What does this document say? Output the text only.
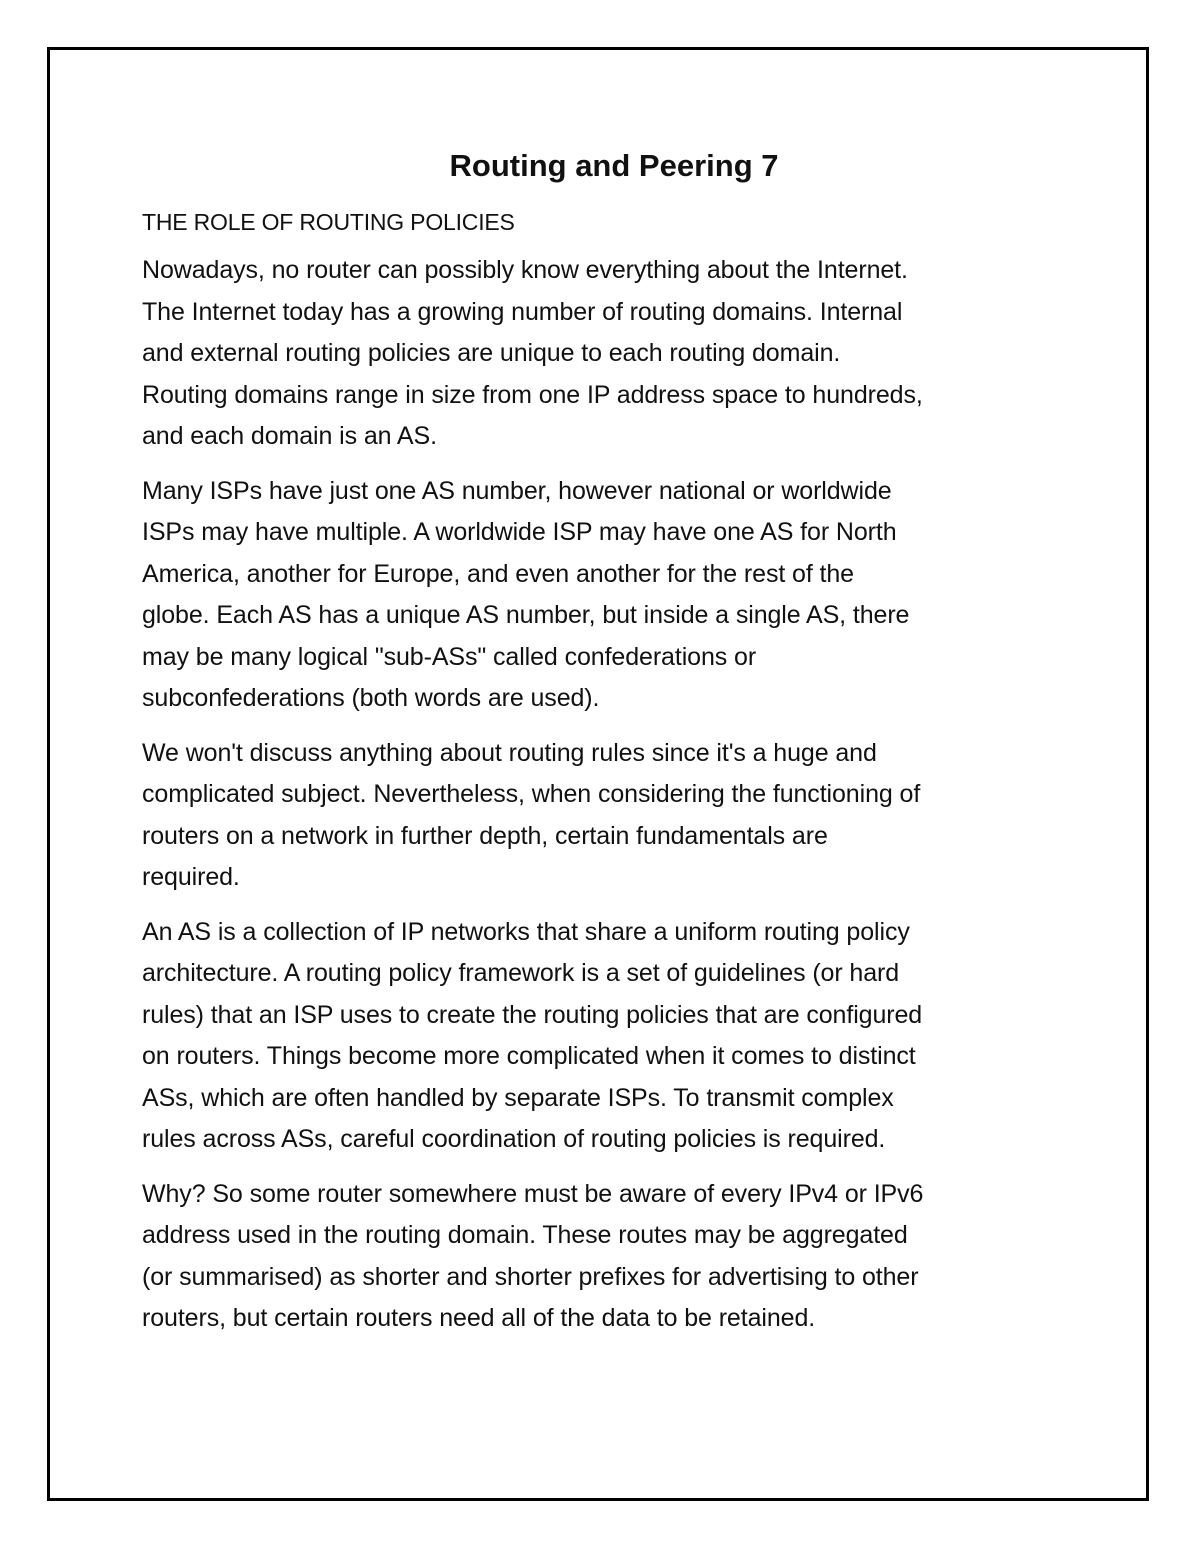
Routing and Peering 7
THE ROLE OF ROUTING POLICIES
Nowadays, no router can possibly know everything about the Internet.
The Internet today has a growing number of routing domains. Internal
and external routing policies are unique to each routing domain.
Routing domains range in size from one IP address space to hundreds,
and each domain is an AS.
Many ISPs have just one AS number, however national or worldwide
ISPs may have multiple. A worldwide ISP may have one AS for North
America, another for Europe, and even another for the rest of the
globe. Each AS has a unique AS number, but inside a single AS, there
may be many logical "sub-ASs" called confederations or
subconfederations (both words are used).
We won't discuss anything about routing rules since it's a huge and
complicated subject. Nevertheless, when considering the functioning of
routers on a network in further depth, certain fundamentals are
required.
An AS is a collection of IP networks that share a uniform routing policy
architecture. A routing policy framework is a set of guidelines (or hard
rules) that an ISP uses to create the routing policies that are configured
on routers. Things become more complicated when it comes to distinct
ASs, which are often handled by separate ISPs. To transmit complex
rules across ASs, careful coordination of routing policies is required.
Why? So some router somewhere must be aware of every IPv4 or IPv6
address used in the routing domain. These routes may be aggregated
(or summarised) as shorter and shorter prefixes for advertising to other
routers, but certain routers need all of the data to be retained.
